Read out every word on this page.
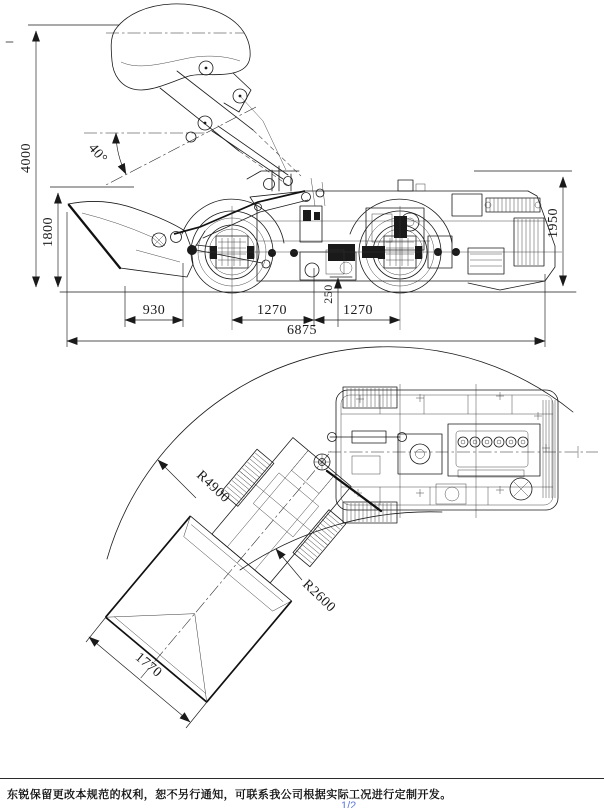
40°
4000
1800	1950
930	1270	1270
250
6875
R4900
R2600
1770
东锐保留更改本规范的权利，恕不另行通知，可联系我公司根据实际工况进行定制开发。
1/2
